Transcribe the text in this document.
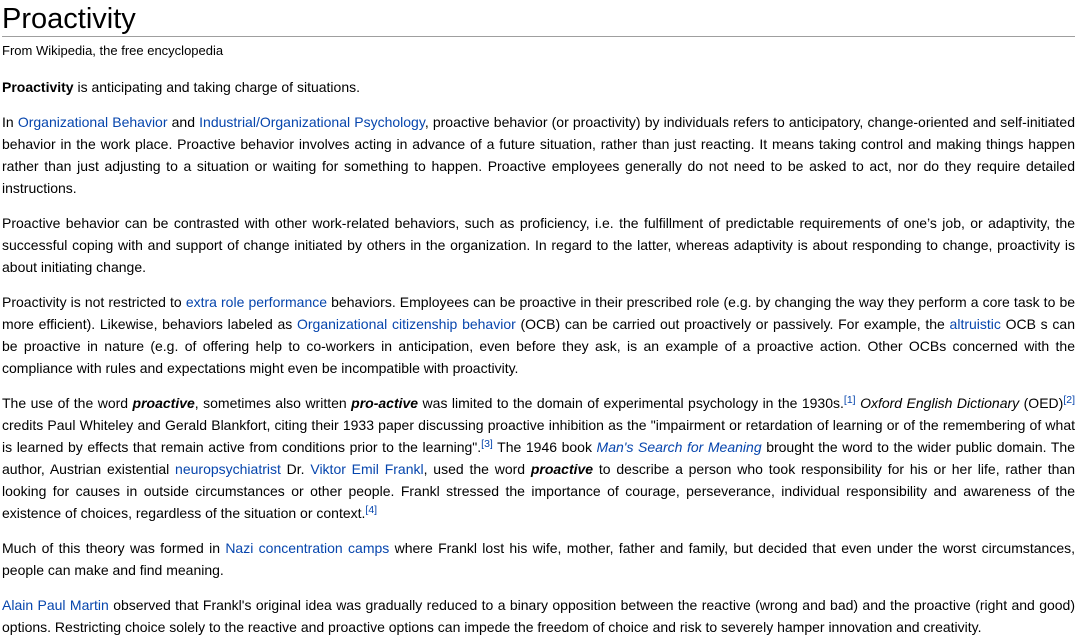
Proactivity
From Wikipedia, the free encyclopedia

Proactivity is anticipating and taking charge of situations.

In Organizational Behavior and Industrial/Organizational Psychology, proactive behavior (or proactivity) by individuals refers to anticipatory, change-oriented and self-initiated behavior in the work place. Proactive behavior involves acting in advance of a future situation, rather than just reacting. It means taking control and making things happen rather than just adjusting to a situation or waiting for something to happen. Proactive employees generally do not need to be asked to act, nor do they require detailed instructions.

Proactive behavior can be contrasted with other work-related behaviors, such as proficiency, i.e. the fulfillment of predictable requirements of one’s job, or adaptivity, the successful coping with and support of change initiated by others in the organization. In regard to the latter, whereas adaptivity is about responding to change, proactivity is about initiating change.

Proactivity is not restricted to extra role performance behaviors. Employees can be proactive in their prescribed role (e.g. by changing the way they perform a core task to be more efficient). Likewise, behaviors labeled as Organizational citizenship behavior (OCB) can be carried out proactively or passively. For example, the altruistic OCB s can be proactive in nature (e.g. of offering help to co-workers in anticipation, even before they ask, is an example of a proactive action. Other OCBs concerned with the compliance with rules and expectations might even be incompatible with proactivity.

The use of the word proactive, sometimes also written pro-active was limited to the domain of experimental psychology in the 1930s.[1] Oxford English Dictionary (OED)[2] credits Paul Whiteley and Gerald Blankfort, citing their 1933 paper discussing proactive inhibition as the "impairment or retardation of learning or of the remembering of what is learned by effects that remain active from conditions prior to the learning".[3] The 1946 book Man's Search for Meaning brought the word to the wider public domain. The author, Austrian existential neuropsychiatrist Dr. Viktor Emil Frankl, used the word proactive to describe a person who took responsibility for his or her life, rather than looking for causes in outside circumstances or other people. Frankl stressed the importance of courage, perseverance, individual responsibility and awareness of the existence of choices, regardless of the situation or context.[4]

Much of this theory was formed in Nazi concentration camps where Frankl lost his wife, mother, father and family, but decided that even under the worst circumstances, people can make and find meaning.

Alain Paul Martin observed that Frankl's original idea was gradually reduced to a binary opposition between the reactive (wrong and bad) and the proactive (right and good) options. Restricting choice solely to the reactive and proactive options can impede the freedom of choice and risk to severely hamper innovation and creativity.
